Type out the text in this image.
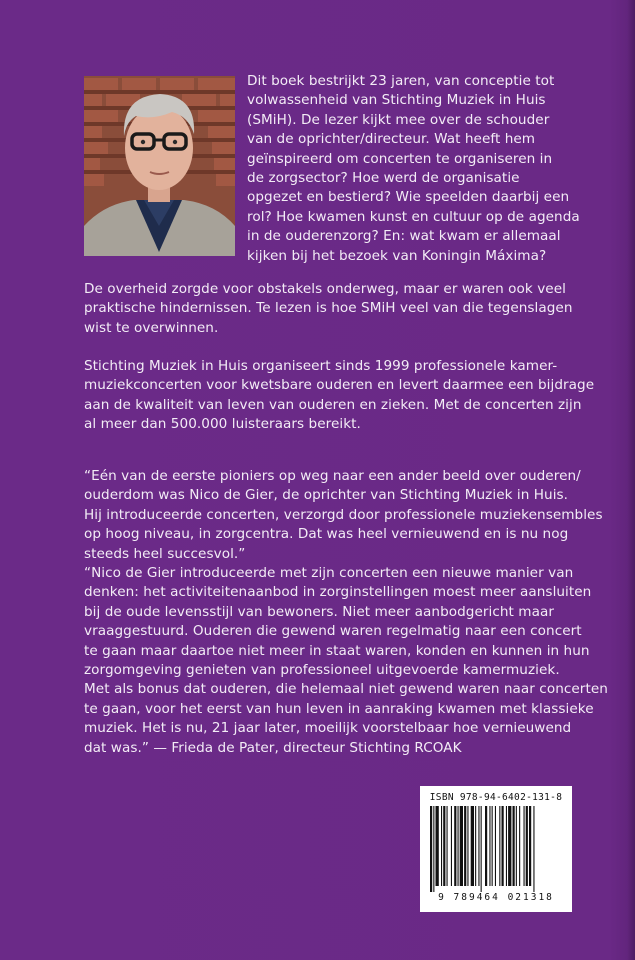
Dit boek bestrijkt 23 jaren, van conceptie tot
volwassenheid van Stichting Muziek in Huis
(SMiH). De lezer kijkt mee over de schouder
van de oprichter/directeur. Wat heeft hem
geïnspireerd om concerten te organiseren in
de zorgsector? Hoe werd de organisatie
opgezet en bestierd? Wie speelden daarbij een
rol? Hoe kwamen kunst en cultuur op de agenda
in de ouderenzorg? En: wat kwam er allemaal
kijken bij het bezoek van Koningin Máxima?
De overheid zorgde voor obstakels onderweg, maar er waren ook veel
praktische hindernissen. Te lezen is hoe SMiH veel van die tegenslagen
wist te overwinnen.
Stichting Muziek in Huis organiseert sinds 1999 professionele kamer-
muziekconcerten voor kwetsbare ouderen en levert daarmee een bijdrage
aan de kwaliteit van leven van ouderen en zieken. Met de concerten zijn
al meer dan 500.000 luisteraars bereikt.
“Eén van de eerste pioniers op weg naar een ander beeld over ouderen/
ouderdom was Nico de Gier, de oprichter van Stichting Muziek in Huis.
Hij introduceerde concerten, verzorgd door professionele muziekensembles
op hoog niveau, in zorgcentra. Dat was heel vernieuwend en is nu nog
steeds heel succesvol.”
“Nico de Gier introduceerde met zijn concerten een nieuwe manier van
denken: het activiteitenaanbod in zorginstellingen moest meer aansluiten
bij de oude levensstijl van bewoners. Niet meer aanbodgericht maar
vraaggestuurd. Ouderen die gewend waren regelmatig naar een concert
te gaan maar daartoe niet meer in staat waren, konden en kunnen in hun
zorgomgeving genieten van professioneel uitgevoerde kamermuziek.
Met als bonus dat ouderen, die helemaal niet gewend waren naar concerten
te gaan, voor het eerst van hun leven in aanraking kwamen met klassieke
muziek. Het is nu, 21 jaar later, moeilijk voorstelbaar hoe vernieuwend
dat was.” — Frieda de Pater, directeur Stichting RCOAK
ISBN 978-94-6402-131-8
9 789464 021318
